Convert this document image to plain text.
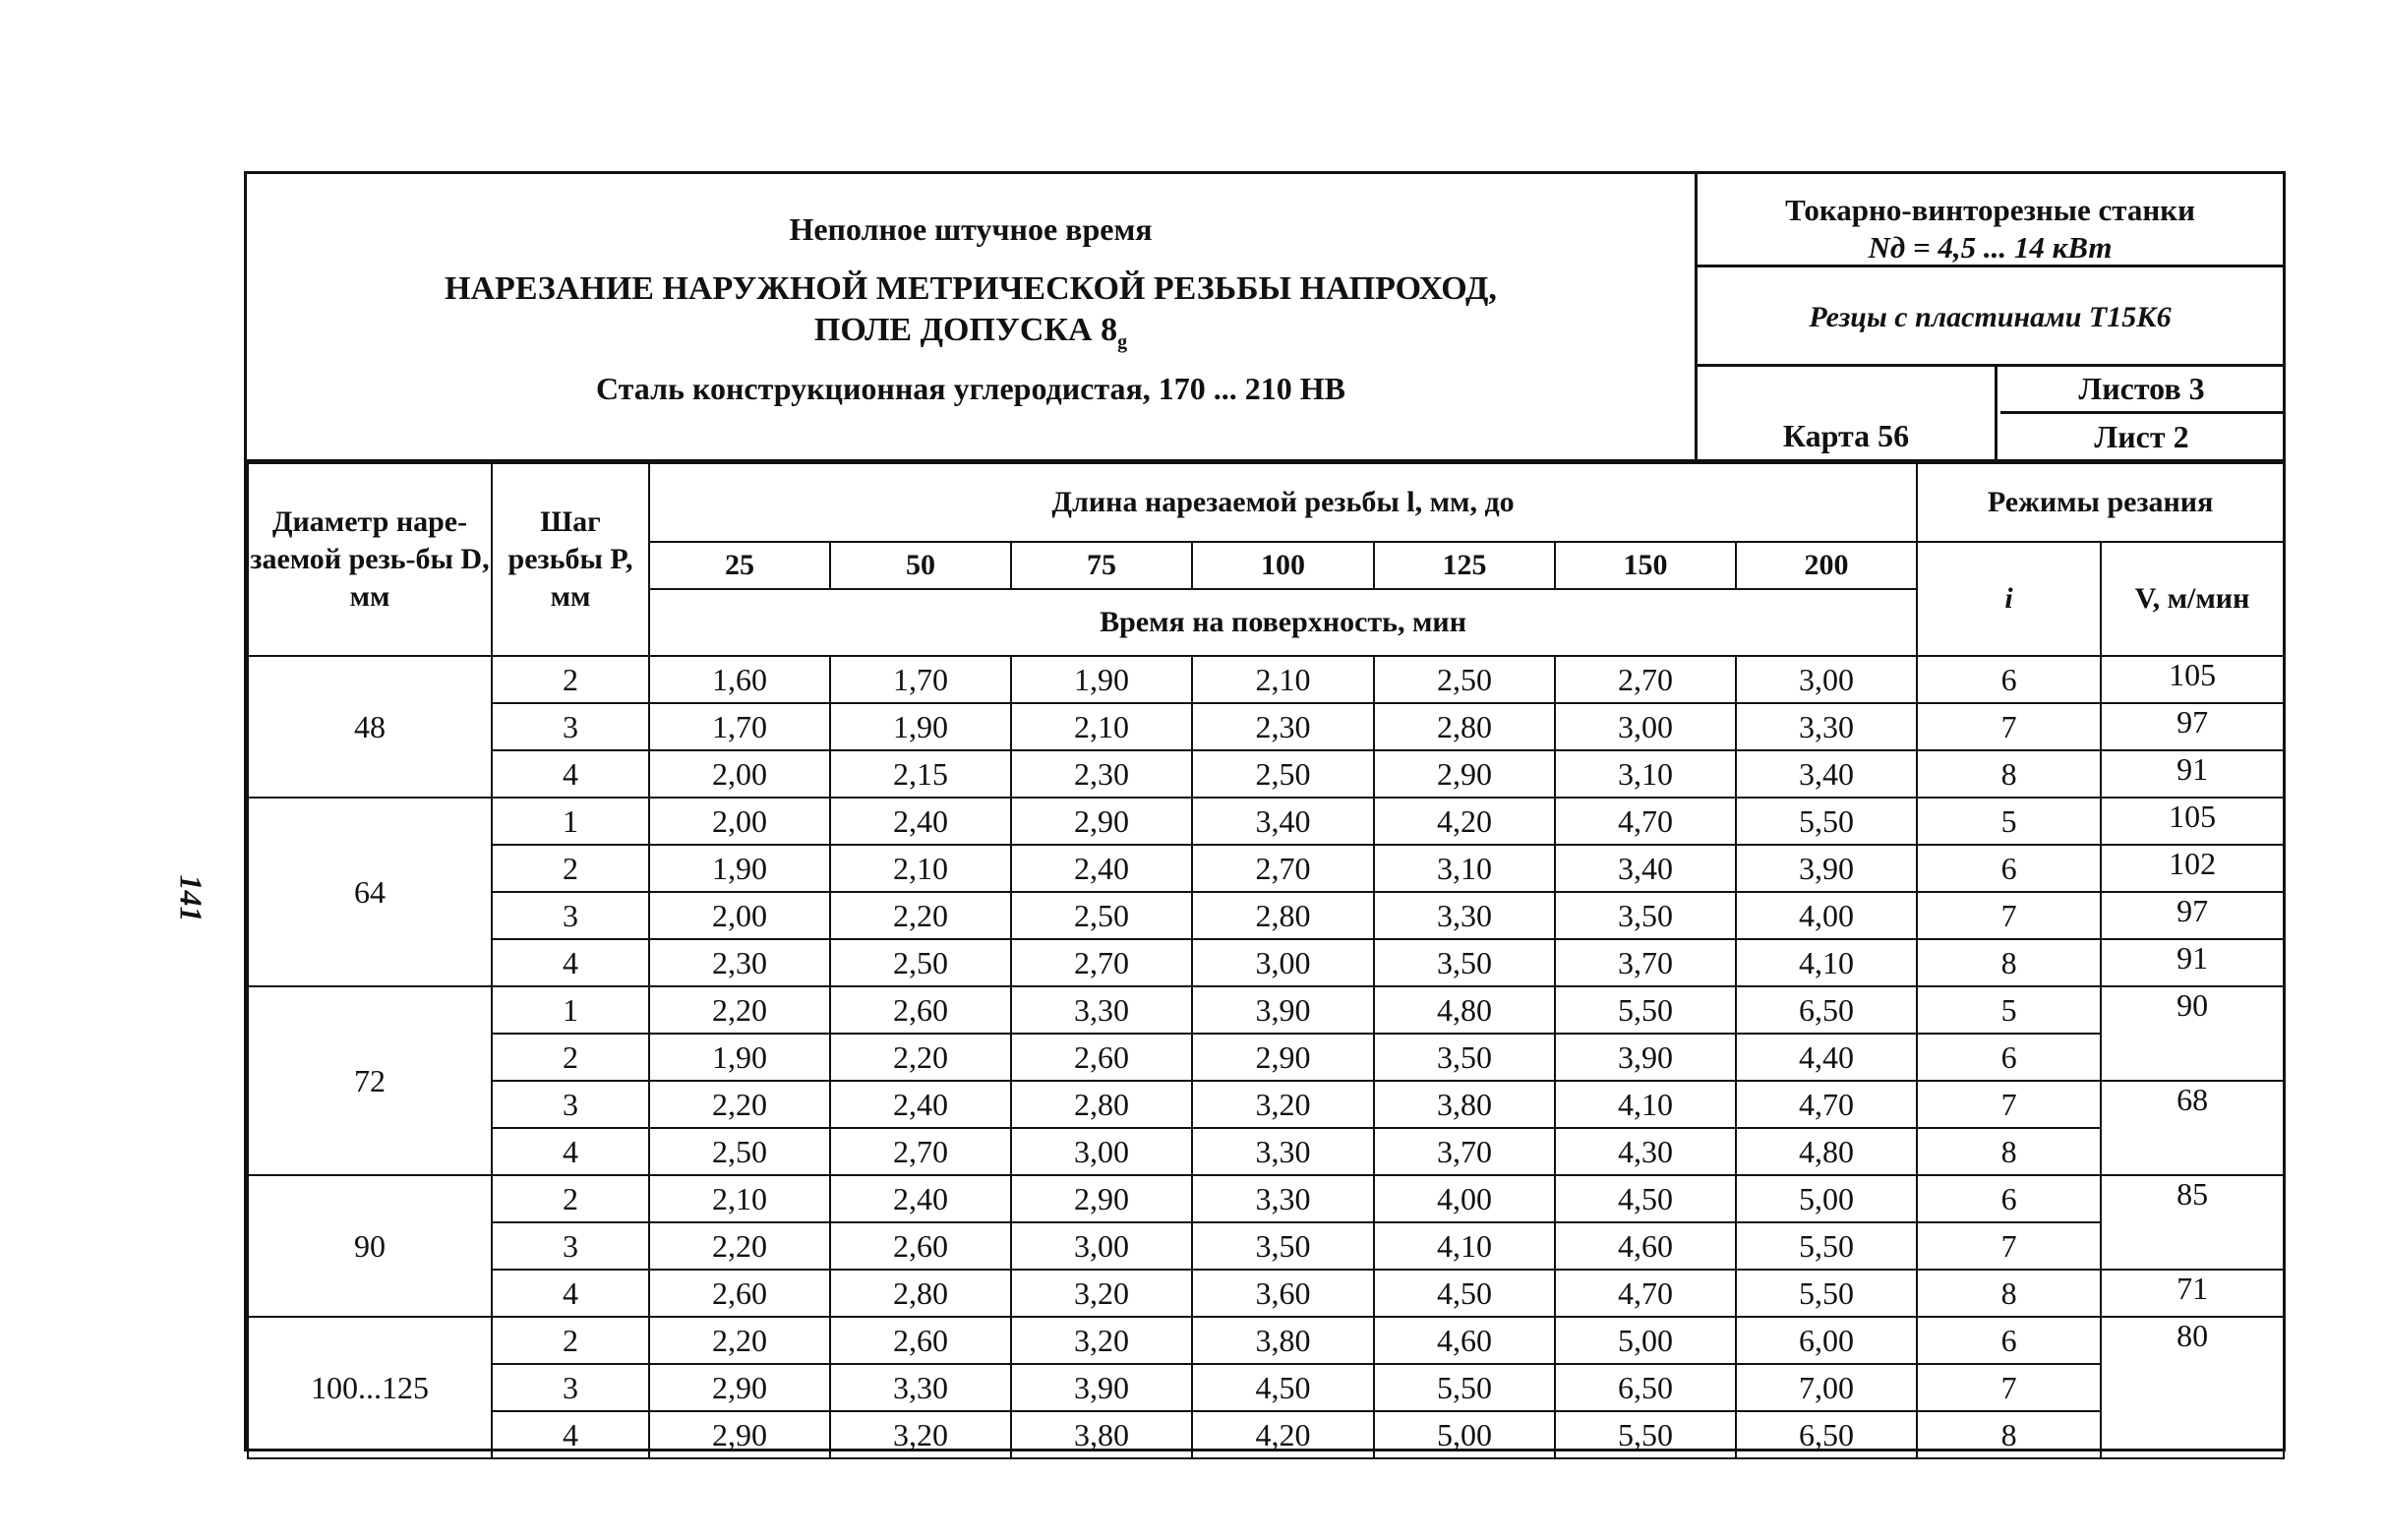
141
Неполное штучное время
НАРЕЗАНИЕ НАРУЖНОЙ МЕТРИЧЕСКОЙ РЕЗЬБЫ НАПРОХОД,
ПОЛЕ ДОПУСКА $8_g$
Сталь конструкционная углеродистая, 170 ... 210 HB
Токарно-винторезные станки
Nд = 4,5 ... 14 кВт
Резцы с пластинами Т15К6
Карта 56
Листов 3
Лист 2
Диаметр наре-заемой резь-бы D, мм	Шаг резьбы P, мм	Длина нарезаемой резьбы l, мм, до							Режимы резания	
		25	50	75	100	125	150	200	i	V, м/мин
		Время на поверхность, мин								
48	2	1,60	1,70	1,90	2,10	2,50	2,70	3,00	6	105
	3	1,70	1,90	2,10	2,30	2,80	3,00	3,30	7	97
	4	2,00	2,15	2,30	2,50	2,90	3,10	3,40	8	91
64	1	2,00	2,40	2,90	3,40	4,20	4,70	5,50	5	105
	2	1,90	2,10	2,40	2,70	3,10	3,40	3,90	6	102
	3	2,00	2,20	2,50	2,80	3,30	3,50	4,00	7	97
	4	2,30	2,50	2,70	3,00	3,50	3,70	4,10	8	91
72	1	2,20	2,60	3,30	3,90	4,80	5,50	6,50	5	90
	2	1,90	2,20	2,60	2,90	3,50	3,90	4,40	6	
	3	2,20	2,40	2,80	3,20	3,80	4,10	4,70	7	68
	4	2,50	2,70	3,00	3,30	3,70	4,30	4,80	8	
90	2	2,10	2,40	2,90	3,30	4,00	4,50	5,00	6	85
	3	2,20	2,60	3,00	3,50	4,10	4,60	5,50	7	
	4	2,60	2,80	3,20	3,60	4,50	4,70	5,50	8	71
100...125	2	2,20	2,60	3,20	3,80	4,60	5,00	6,00	6	80
	3	2,90	3,30	3,90	4,50	5,50	6,50	7,00	7	
	4	2,90	3,20	3,80	4,20	5,00	5,50	6,50	8	
